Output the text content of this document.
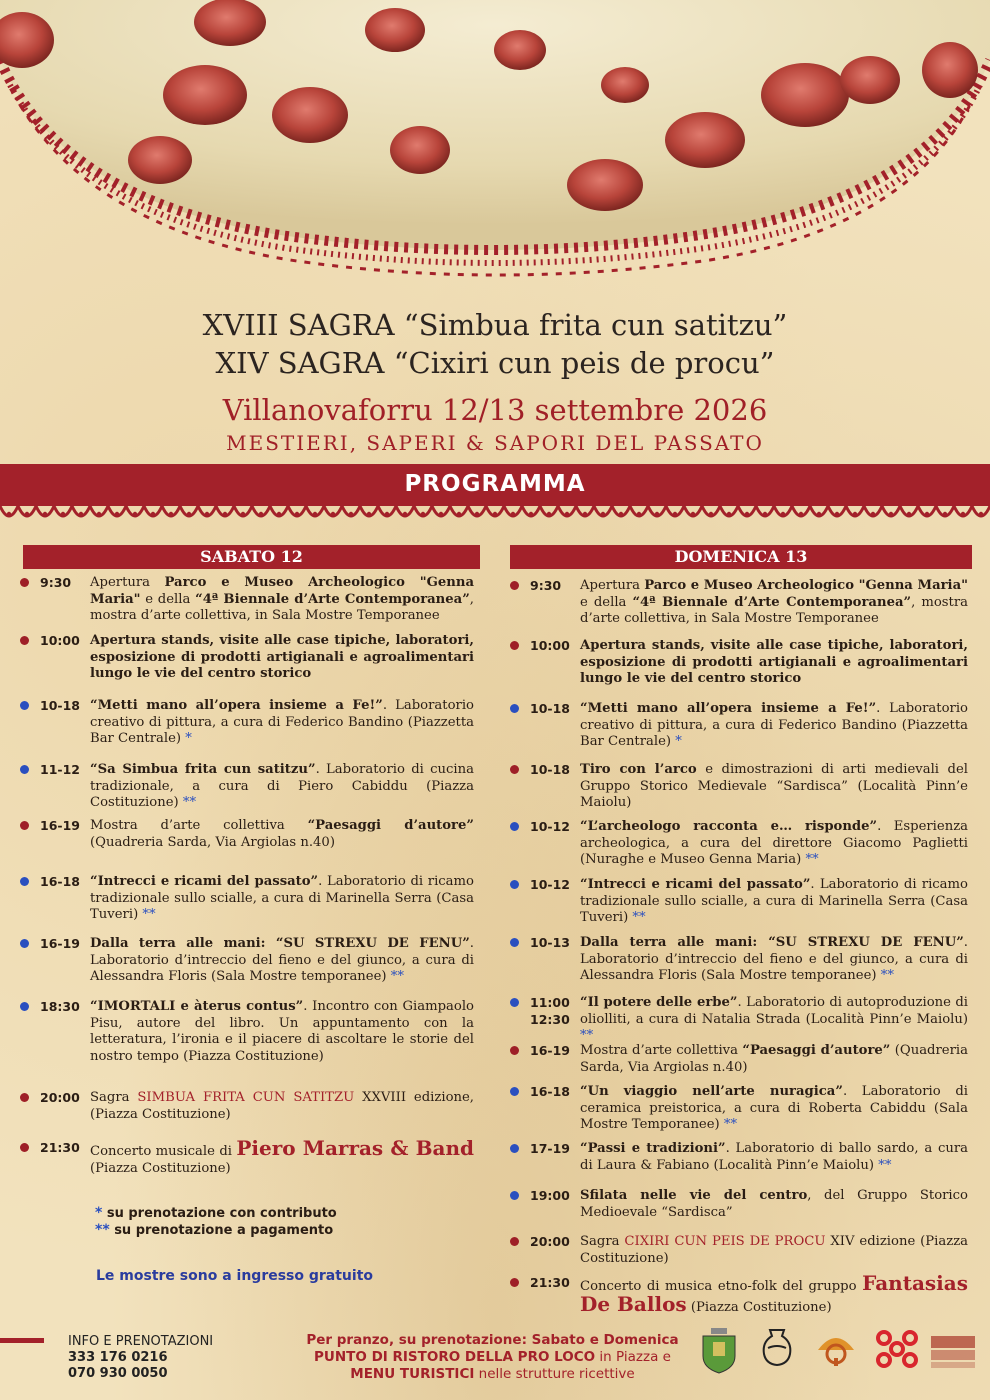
XVIII SAGRA “Simbua frita cun satitzu”
XIV SAGRA “Cixiri cun peis de procu”
Villanovaforru 12/13 settembre 2026
MESTIERI, SAPERI & SAPORI DEL PASSATO
PROGRAMMA
SABATO 12
9:30	Apertura Parco e Museo Archeologico "Genna Maria" e della “4ª Biennale d’Arte Contemporanea”, mostra d’arte collettiva, in Sala Mostre Temporanee
10:00 Apertura stands, visite alle case tipiche, laboratori, esposizione di prodotti artigianali e agroalimentari lungo le vie del centro storico
10-18 “Metti mano all’opera insieme a Fe!”. Laboratorio creativo di pittura, a cura di Federico Bandino (Piazzetta Bar Centrale) *
11-12 “Sa Simbua frita cun satitzu”. Laboratorio di cucina tradizionale, a cura di Piero Cabiddu (Piazza Costituzione) **
16-19 Mostra d’arte collettiva “Paesaggi d’autore” (Quadreria Sarda, Via Argiolas n.40)
16-18 “Intrecci e ricami del passato”. Laboratorio di ricamo tradizionale sullo scialle, a cura di Marinella Serra (Casa Tuveri) **
16-19 Dalla terra alle mani: “SU STREXU DE FENU”. Laboratorio d’intreccio del fieno e del giunco, a cura di Alessandra Floris (Sala Mostre temporanee) **
18:30 “IMORTALI e àterus contus”. Incontro con Giampaolo Pisu, autore del libro. Un appuntamento con la letteratura, l’ironia e il piacere di ascoltare le storie del nostro tempo (Piazza Costituzione)
20:00 Sagra SIMBUA FRITA CUN SATITZU XXVIII edizione, (Piazza Costituzione)
21:30 Concerto musicale di Piero Marras & Band (Piazza Costituzione)
DOMENICA 13
9:30	Apertura Parco e Museo Archeologico "Genna Maria" e della “4ª Biennale d’Arte Contemporanea”, mostra d’arte collettiva, in Sala Mostre Temporanee
10:00 Apertura stands, visite alle case tipiche, laboratori, esposizione di prodotti artigianali e agroalimentari lungo le vie del centro storico
10-18 “Metti mano all’opera insieme a Fe!”. Laboratorio creativo di pittura, a cura di Federico Bandino (Piazzetta Bar Centrale) *
10-18 Tiro con l’arco e dimostrazioni di arti medievali del Gruppo Storico Medievale “Sardisca” (Località Pinn’e Maiolu)
10-12 “L’archeologo racconta e… risponde”. Esperienza archeologica, a cura del direttore Giacomo Paglietti (Nuraghe e Museo Genna Maria) **
10-12 “Intrecci e ricami del passato”. Laboratorio di ricamo tradizionale sullo scialle, a cura di Marinella Serra (Casa Tuveri) **
10-13 Dalla terra alle mani: “SU STREXU DE FENU”. Laboratorio d’intreccio del fieno e del giunco, a cura di Alessandra Floris (Sala Mostre temporanee) **
11:00
12:30
“Il potere delle erbe”. Laboratorio di autoproduzione di oliolliti, a cura di Natalia Strada (Località Pinn’e Maiolu) **
16-19 Mostra d’arte collettiva “Paesaggi d’autore” (Quadreria Sarda, Via Argiolas n.40)
16-18 “Un viaggio nell’arte nuragica”. Laboratorio di ceramica preistorica, a cura di Roberta Cabiddu (Sala Mostre Temporanee) **
17-19 “Passi e tradizioni”. Laboratorio di ballo sardo, a cura di Laura & Fabiano (Località Pinn’e Maiolu) **
19:00 Sfilata nelle vie del centro, del Gruppo Storico Medioevale “Sardisca”
20:00 Sagra CIXIRI CUN PEIS DE PROCU XIV edizione (Piazza Costituzione)
21:30 Concerto di musica etno-folk del gruppo Fantasias De Ballos (Piazza Costituzione)
* su prenotazione con contributo
** su prenotazione a pagamento
Le mostre sono a ingresso gratuito
INFO E PRENOTAZIONI
333 176 0216
070 930 0050
Per pranzo, su prenotazione: Sabato e Domenica
PUNTO DI RISTORO DELLA PRO LOCO in Piazza e
MENU TURISTICI nelle strutture ricettive
